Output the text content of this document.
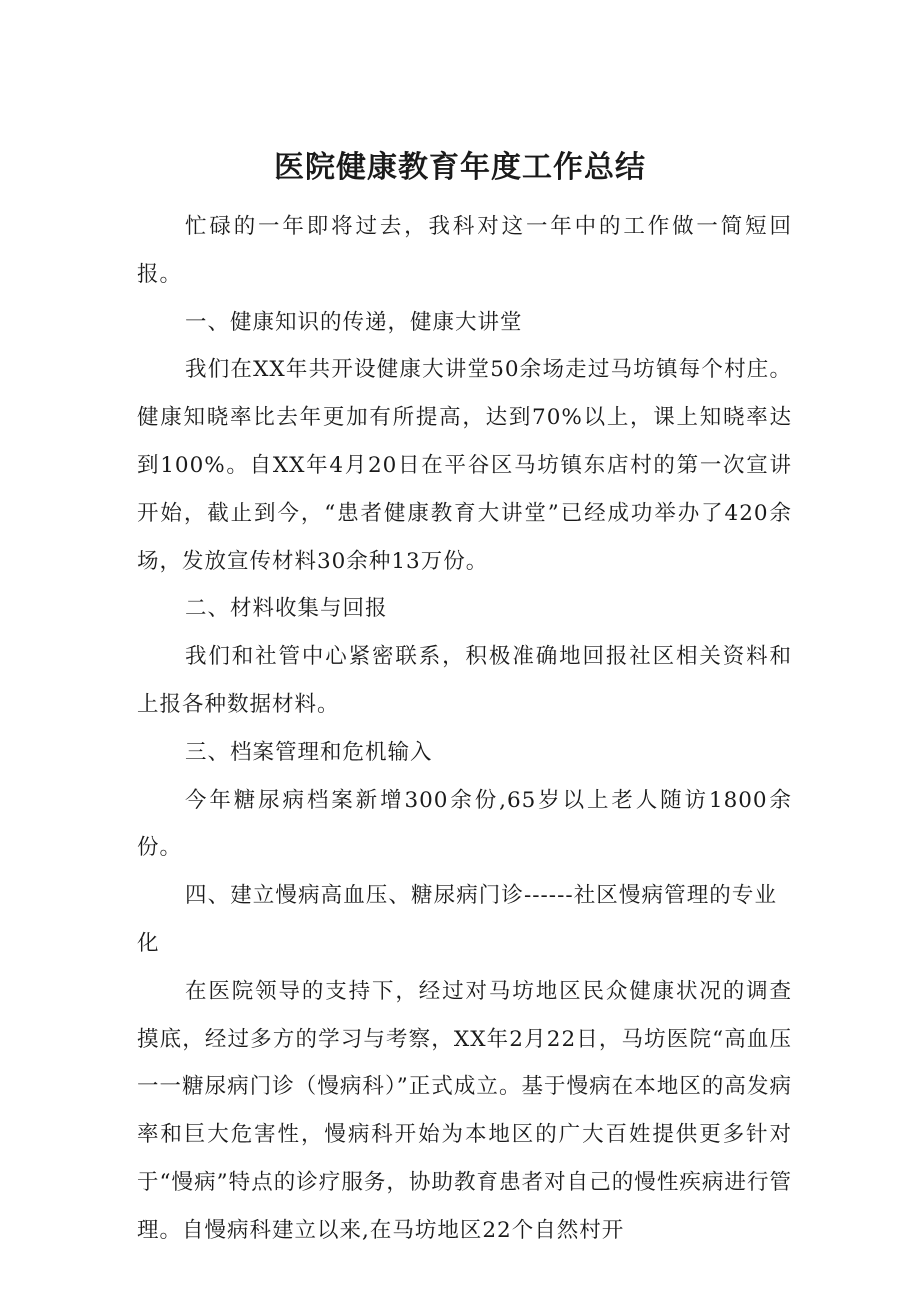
医院健康教育年度工作总结

忙碌的一年即将过去，我科对这一年中的工作做一简短回报。

一、健康知识的传递，健康大讲堂

我们在XX年共开设健康大讲堂50余场走过马坊镇每个村庄。健康知晓率比去年更加有所提高，达到70%以上，课上知晓率达到100%。自XX年4月20日在平谷区马坊镇东店村的第一次宣讲开始，截止到今，“患者健康教育大讲堂”已经成功举办了420余场，发放宣传材料30余种13万份。

二、材料收集与回报

我们和社管中心紧密联系，积极准确地回报社区相关资料和上报各种数据材料。

三、档案管理和危机输入

今年糖尿病档案新增300余份,65岁以上老人随访1800余份。

四、建立慢病高血压、糖尿病门诊------社区慢病管理的专业化

在医院领导的支持下，经过对马坊地区民众健康状况的调查摸底，经过多方的学习与考察，XX年2月22日，马坊医院“高血压一一糖尿病门诊（慢病科）”正式成立。基于慢病在本地区的高发病率和巨大危害性，慢病科开始为本地区的广大百姓提供更多针对于“慢病”特点的诊疗服务，协助教育患者对自己的慢性疾病进行管理。自慢病科建立以来,在马坊地区22个自然村开
